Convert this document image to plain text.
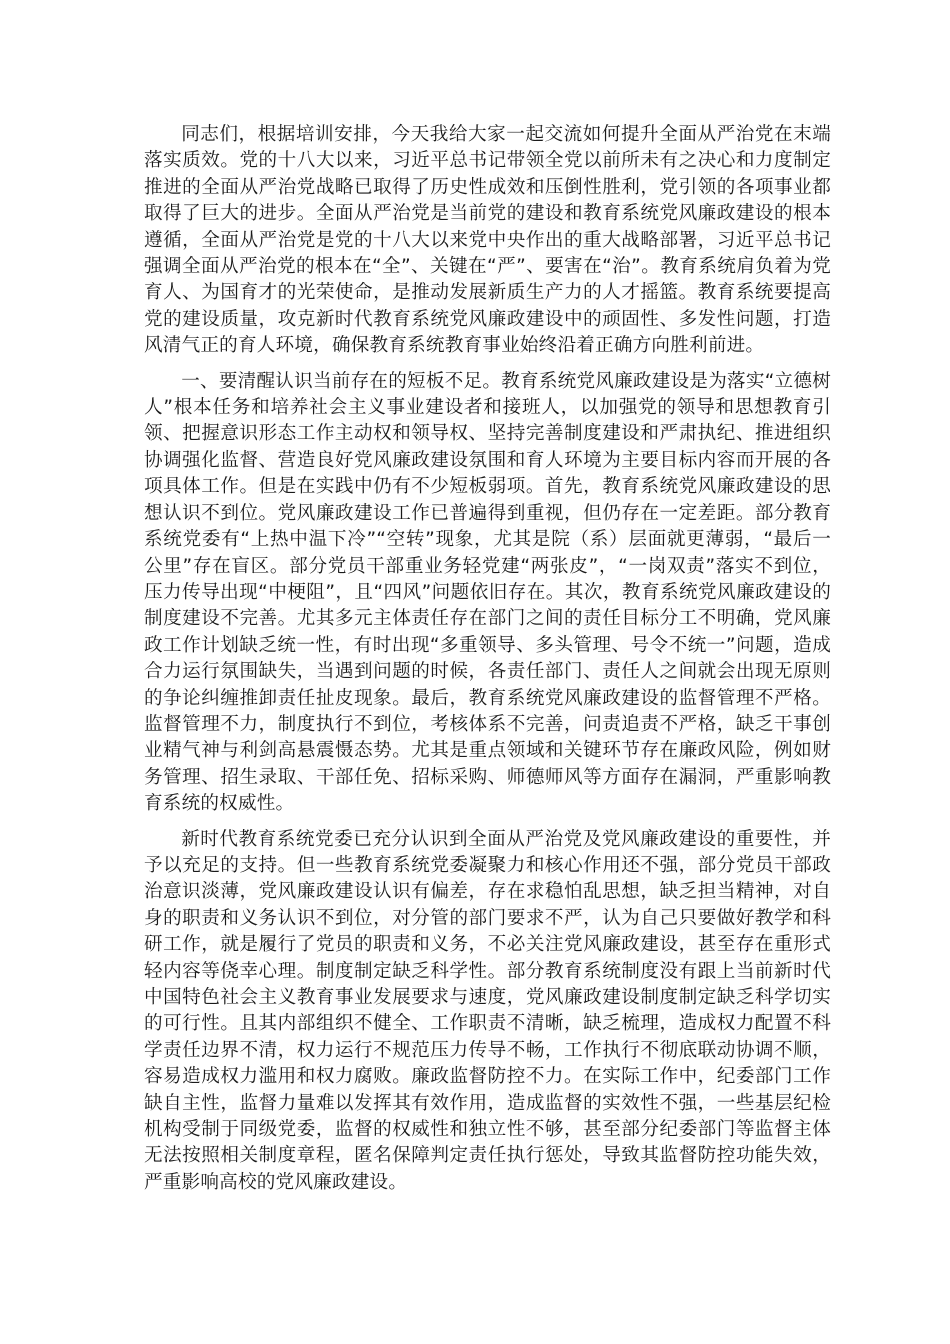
同志们，根据培训安排，今天我给大家一起交流如何提升全面从严治党在末端落实质效。党的十八大以来，习近平总书记带领全党以前所未有之决心和力度制定推进的全面从严治党战略已取得了历史性成效和压倒性胜利，党引领的各项事业都取得了巨大的进步。全面从严治党是当前党的建设和教育系统党风廉政建设的根本遵循，全面从严治党是党的十八大以来党中央作出的重大战略部署，习近平总书记强调全面从严治党的根本在“全”、关键在“严”、要害在“治”。教育系统肩负着为党育人、为国育才的光荣使命，是推动发展新质生产力的人才摇篮。教育系统要提高党的建设质量，攻克新时代教育系统党风廉政建设中的顽固性、多发性问题，打造风清气正的育人环境，确保教育系统教育事业始终沿着正确方向胜利前进。

一、要清醒认识当前存在的短板不足。教育系统党风廉政建设是为落实“立德树人”根本任务和培养社会主义事业建设者和接班人，以加强党的领导和思想教育引领、把握意识形态工作主动权和领导权、坚持完善制度建设和严肃执纪、推进组织协调强化监督、营造良好党风廉政建设氛围和育人环境为主要目标内容而开展的各项具体工作。但是在实践中仍有不少短板弱项。首先，教育系统党风廉政建设的思想认识不到位。党风廉政建设工作已普遍得到重视，但仍存在一定差距。部分教育系统党委有“上热中温下冷”“空转”现象，尤其是院（系）层面就更薄弱，“最后一公里”存在盲区。部分党员干部重业务轻党建“两张皮”，“一岗双责”落实不到位，压力传导出现“中梗阻”，且“四风”问题依旧存在。其次，教育系统党风廉政建设的制度建设不完善。尤其多元主体责任存在部门之间的责任目标分工不明确，党风廉政工作计划缺乏统一性，有时出现“多重领导、多头管理、号令不统一”问题，造成合力运行氛围缺失，当遇到问题的时候，各责任部门、责任人之间就会出现无原则的争论纠缠推卸责任扯皮现象。最后，教育系统党风廉政建设的监督管理不严格。监督管理不力，制度执行不到位，考核体系不完善，问责追责不严格，缺乏干事创业精气神与利剑高悬震慑态势。尤其是重点领域和关键环节存在廉政风险，例如财务管理、招生录取、干部任免、招标采购、师德师风等方面存在漏洞，严重影响教育系统的权威性。

新时代教育系统党委已充分认识到全面从严治党及党风廉政建设的重要性，并予以充足的支持。但一些教育系统党委凝聚力和核心作用还不强，部分党员干部政治意识淡薄，党风廉政建设认识有偏差，存在求稳怕乱思想，缺乏担当精神，对自身的职责和义务认识不到位，对分管的部门要求不严，认为自己只要做好教学和科研工作，就是履行了党员的职责和义务，不必关注党风廉政建设，甚至存在重形式轻内容等侥幸心理。制度制定缺乏科学性。部分教育系统制度没有跟上当前新时代中国特色社会主义教育事业发展要求与速度，党风廉政建设制度制定缺乏科学切实的可行性。且其内部组织不健全、工作职责不清晰，缺乏梳理，造成权力配置不科学责任边界不清，权力运行不规范压力传导不畅，工作执行不彻底联动协调不顺，容易造成权力滥用和权力腐败。廉政监督防控不力。在实际工作中，纪委部门工作缺自主性，监督力量难以发挥其有效作用，造成监督的实效性不强，一些基层纪检机构受制于同级党委，监督的权威性和独立性不够，甚至部分纪委部门等监督主体无法按照相关制度章程，匿名保障判定责任执行惩处，导致其监督防控功能失效，严重影响高校的党风廉政建设。
